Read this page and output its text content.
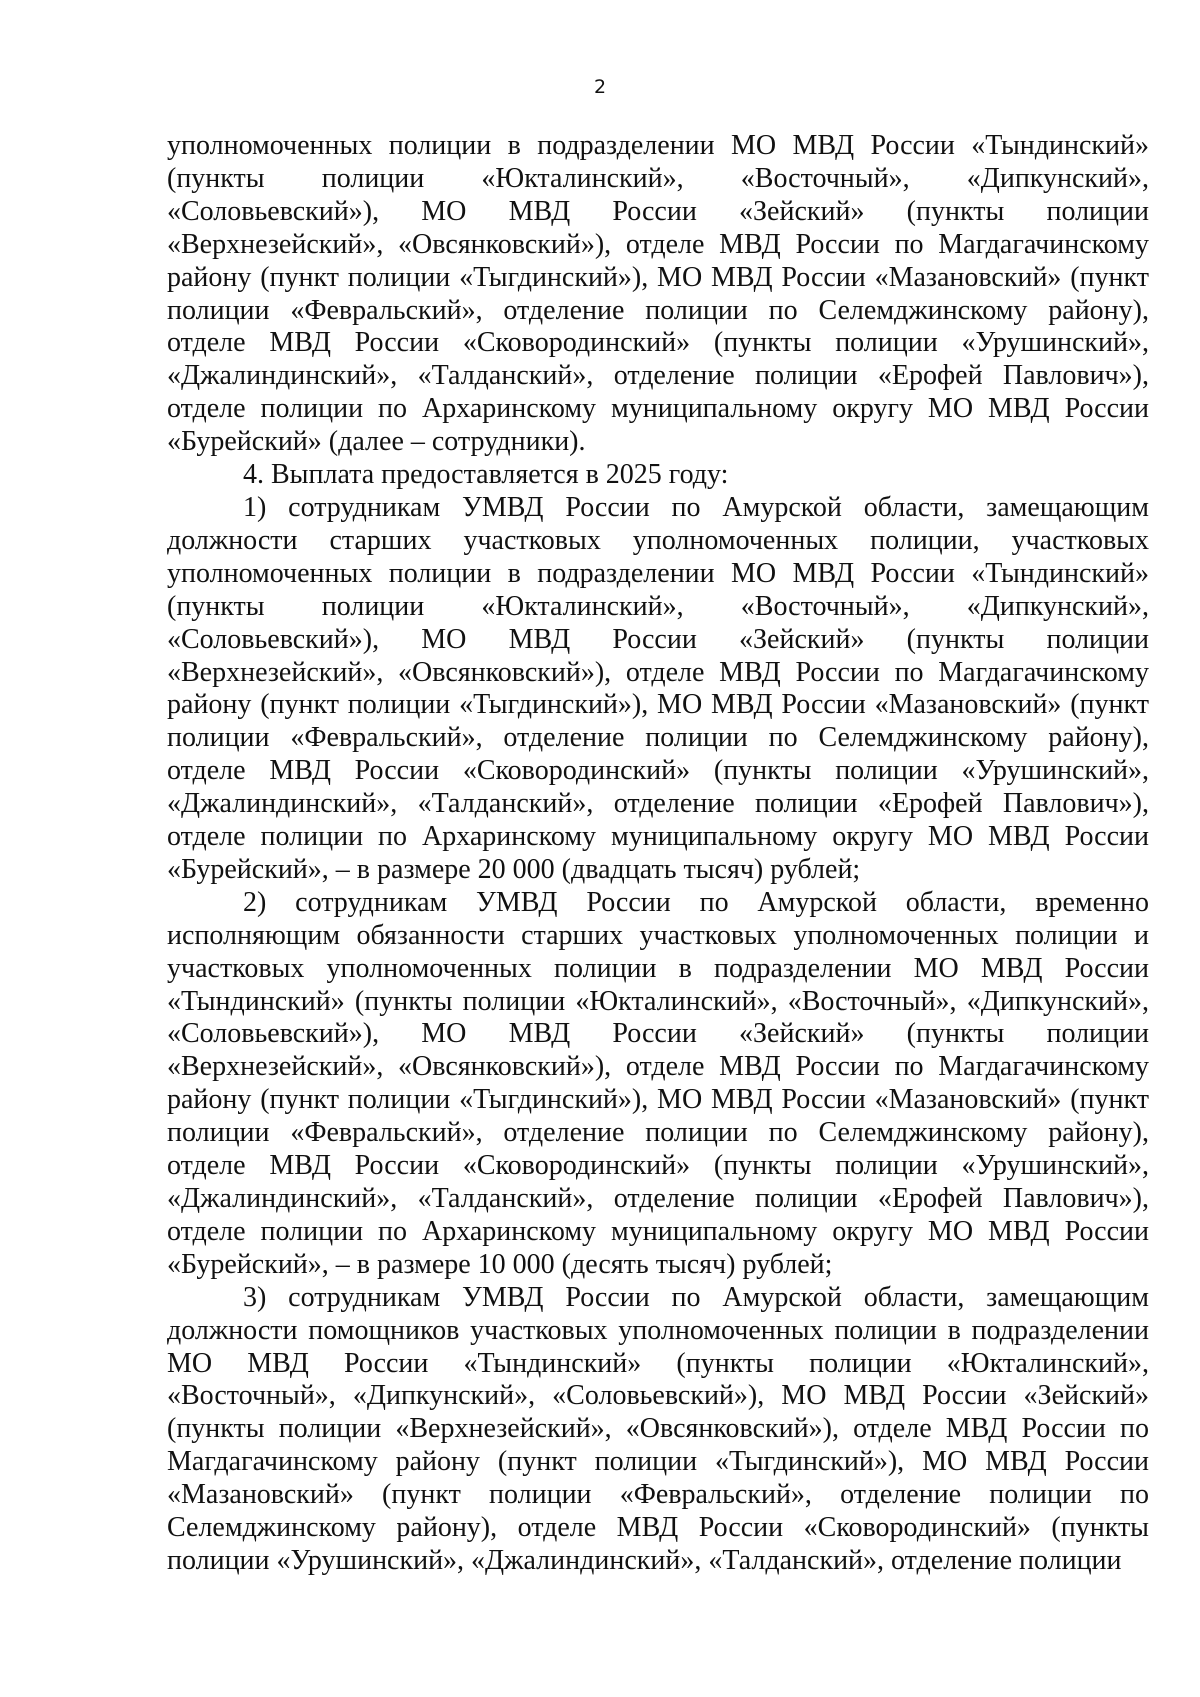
2

уполномоченных полиции в подразделении МО МВД России «Тындинский» (пункты полиции «Юкталинский», «Восточный», «Дипкунский», «Соловьевский»), МО МВД России «Зейский» (пункты полиции «Верхнезейский», «Овсянковский»), отделе МВД России по Магдагачинскому району (пункт полиции «Тыгдинский»), МО МВД России «Мазановский» (пункт полиции «Февральский», отделение полиции по Селемджинскому району), отделе МВД России «Сковородинский» (пункты полиции «Урушинский», «Джалиндинский», «Талданский», отделение полиции «Ерофей Павлович»), отделе полиции по Архаринскому муниципальному округу МО МВД России «Бурейский» (далее – сотрудники).

4. Выплата предоставляется в 2025 году:

1) сотрудникам УМВД России по Амурской области, замещающим должности старших участковых уполномоченных полиции, участковых уполномоченных полиции в подразделении МО МВД России «Тындинский» (пункты полиции «Юкталинский», «Восточный», «Дипкунский», «Соловьевский»), МО МВД России «Зейский» (пункты полиции «Верхнезейский», «Овсянковский»), отделе МВД России по Магдагачинскому району (пункт полиции «Тыгдинский»), МО МВД России «Мазановский» (пункт полиции «Февральский», отделение полиции по Селемджинскому району), отделе МВД России «Сковородинский» (пункты полиции «Урушинский», «Джалиндинский», «Талданский», отделение полиции «Ерофей Павлович»), отделе полиции по Архаринскому муниципальному округу МО МВД России «Бурейский», – в размере 20 000 (двадцать тысяч) рублей;

2) сотрудникам УМВД России по Амурской области, временно исполняющим обязанности старших участковых уполномоченных полиции и участковых уполномоченных полиции в подразделении МО МВД России «Тындинский» (пункты полиции «Юкталинский», «Восточный», «Дипкунский», «Соловьевский»), МО МВД России «Зейский» (пункты полиции «Верхнезейский», «Овсянковский»), отделе МВД России по Магдагачинскому району (пункт полиции «Тыгдинский»), МО МВД России «Мазановский» (пункт полиции «Февральский», отделение полиции по Селемджинскому району), отделе МВД России «Сковородинский» (пункты полиции «Урушинский», «Джалиндинский», «Талданский», отделение полиции «Ерофей Павлович»), отделе полиции по Архаринскому муниципальному округу МО МВД России «Бурейский», – в размере 10 000 (десять тысяч) рублей;

3) сотрудникам УМВД России по Амурской области, замещающим должности помощников участковых уполномоченных полиции в подразделении МО МВД России «Тындинский» (пункты полиции «Юкталинский», «Восточный», «Дипкунский», «Соловьевский»), МО МВД России «Зейский» (пункты полиции «Верхнезейский», «Овсянковский»), отделе МВД России по Магдагачинскому району (пункт полиции «Тыгдинский»), МО МВД России «Мазановский» (пункт полиции «Февральский», отделение полиции по Селемджинскому району), отделе МВД России «Сковородинский» (пункты полиции «Урушинский», «Джалиндинский», «Талданский», отделение полиции
